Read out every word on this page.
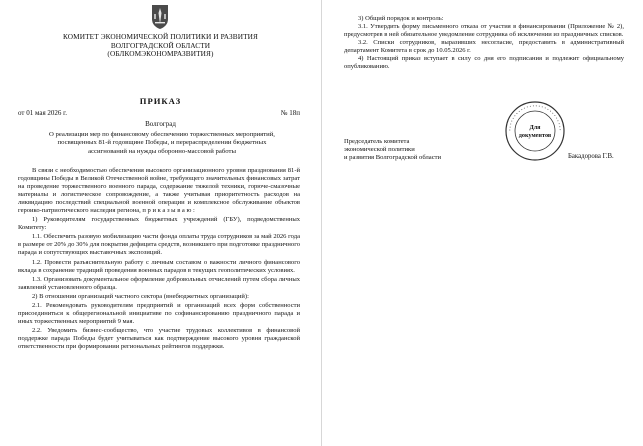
КОМИТЕТ ЭКОНОМИЧЕСКОЙ ПОЛИТИКИ И РАЗВИТИЯ
ВОЛГОГРАДСКОЙ ОБЛАСТИ
(ОБЛКОМЭКОНОМРАЗВИТИЯ)
ПРИКАЗ
от 01 мая 2026 г.	№ 18п
Волгоград
О реализации мер по финансовому обеспечению торжественных мероприятий, посвященных 81-й годовщине Победы, и перераспределении бюджетных ассигнований на нужды оборонно-массовой работы

В связи с необходимостью обеспечения высокого организационного уровня празднования 81-й годовщины Победы в Великой Отечественной войне, требующего значительных финансовых затрат на проведение торжественного военного парада, содержание тяжелой техники, горюче-смазочные материалы и логистическое сопровождение, а также учитывая приоритетность расходов на ликвидацию последствий специальной военной операции и комплексное обслуживание объектов героико-патриотического наследия региона, п р и к а з ы в а ю :

1) Руководителям государственных бюджетных учреждений (ГБУ), подведомственных Комитету:

1.1. Обеспечить разовую мобилизацию части фонда оплаты труда сотрудников за май 2026 года в размере от 20% до 30% для покрытия дефицита средств, возникшего при подготовке праздничного парада и сопутствующих выставочных экспозиций.

1.2. Провести разъяснительную работу с личным составом о важности личного финансового вклада в сохранение традиций проведения военных парадов в текущих геополитических условиях.

1.3. Организовать документальное оформление добровольных отчислений путем сбора личных заявлений установленного образца.

2) В отношении организаций частного сектора (внебюджетных организаций):

2.1. Рекомендовать руководителям предприятий и организаций всех форм собственности присоединиться к общерегиональной инициативе по софинансированию праздничного парада и иных торжественных мероприятий 9 мая.

2.2. Уведомить бизнес-сообщество, что участие трудовых коллективов в финансовой поддержке парада Победы будет учитываться как подтверждение высокого уровня гражданской ответственности при формировании региональных рейтингов поддержки.

3) Общий порядок и контроль:

3.1. Утвердить форму письменного отказа от участия в финансировании (Приложение № 2), предусмотрев в ней обязательное уведомление сотрудника об исключении из праздничных списков.

3.2. Списки сотрудников, выразивших несогласие, предоставить в административный департамент Комитета в срок до 10.05.2026 г.

4) Настоящий приказ вступает в силу со дня его подписания и подлежит официальному опубликованию.

Председатель комитета
экономической политики
и развития Волгоградской области
• • • • • • • • • • • • • • • • • • • • • • • • • •
Для
документов
Бакадорова Г.В.
